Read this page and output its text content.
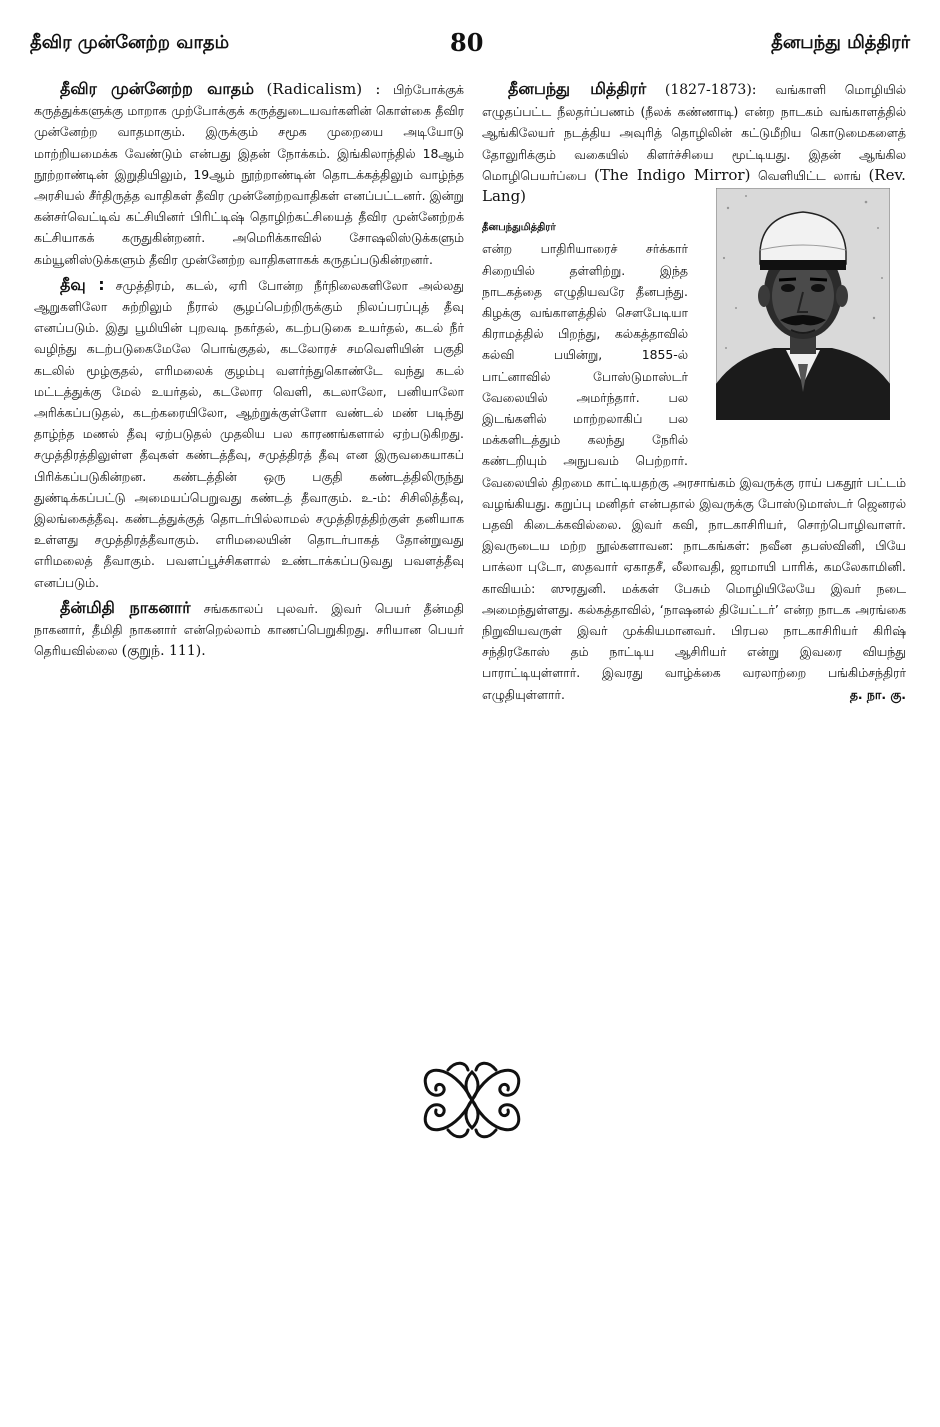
தீவிர முன்னேற்ற வாதம்	80	தீனபந்து மித்திரர்

தீவிர முன்னேற்ற வாதம் (Radicalism) : பிற்போக்குக் கருத்துக்களுக்கு மாறாக முற்போக்குக் கருத்துடையவர்களின் கொள்கை தீவிர முன்னேற்ற வாதமாகும். இருக்கும் சமூக முறையை அடியோடு மாற்றியமைக்க வேண்டும் என்பது இதன் நோக்கம். இங்கிலாந்தில் 18ஆம் நூற்றாண்டின் இறுதியிலும், 19ஆம் நூற்றாண்டின் தொடக்கத்திலும் வாழ்ந்த அரசியல் சீர்திருத்த வாதிகள் தீவிர முன்னேற்றவாதிகள் எனப்பட்டனர். இன்று கன்சர்வெட்டிவ் கட்சியினர் பிரிட்டிஷ் தொழிற்கட்சியைத் தீவிர முன்னேற்றக் கட்சியாகக் கருதுகின்றனர். அமெரிக்காவில் சோஷலிஸ்டுக்களும் கம்யூனிஸ்டுக்களும் தீவிர முன்னேற்ற வாதிகளாகக் கருதப்படுகின்றனர்.

தீவு : சமுத்திரம், கடல், ஏரி போன்ற நீர்நிலைகளிலோ அல்லது ஆறுகளிலோ சுற்றிலும் நீரால் சூழப்பெற்றிருக்கும் நிலப்பரப்புத் தீவு எனப்படும். இது பூமியின் புறவடி நகர்தல், கடற்படுகை உயர்தல், கடல் நீர் வழிந்து கடற்படுகைமேலே பொங்குதல், கடலோரச் சமவெளியின் பகுதி கடலில் மூழ்குதல், எரிமலைக் குழம்பு வளர்ந்துகொண்டே வந்து கடல் மட்டத்துக்கு மேல் உயர்தல், கடலோர வெளி, கடலாலோ, பனியாலோ அரிக்கப்படுதல், கடற்கரையிலோ, ஆற்றுக்குள்ளோ வண்டல் மண் படிந்து தாழ்ந்த மணல் தீவு ஏற்படுதல் முதலிய பல காரணங்களால் ஏற்படுகிறது. சமுத்திரத்திலுள்ள தீவுகள் கண்டத்தீவு, சமுத்திரத் தீவு என இருவகையாகப் பிரிக்கப்படுகின்றன. கண்டத்தின் ஒரு பகுதி கண்டத்திலிருந்து துண்டிக்கப்பட்டு அமையப்பெறுவது கண்டத் தீவாகும். உ-ம்: சிசிலித்தீவு, இலங்கைத்தீவு. கண்டத்துக்குத் தொடர்பில்லாமல் சமுத்திரத்திற்குள் தனியாக உள்ளது சமுத்திரத்தீவாகும். எரிமலையின் தொடர்பாகத் தோன்றுவது எரிமலைத் தீவாகும். பவளப்பூச்சிகளால் உண்டாக்கப்படுவது பவளத்தீவு எனப்படும்.

தீன்மிதி நாகனார் சங்ககாலப் புலவர். இவர் பெயர் தீன்மதி நாகனார், தீமிதி நாகனார் என்றெல்லாம் காணப்பெறுகிறது. சரியான பெயர் தெரியவில்லை (குறுந். 111).

தீனபந்து மித்திரர் (1827-1873): வங்காளி மொழியில் எழுதப்பட்ட நீலதர்ப்பணம் (நீலக் கண்ணாடி) என்ற நாடகம் வங்காளத்தில் ஆங்கிலேயர் நடத்திய அவுரித் தொழிலின் கட்டுமீறிய கொடுமைகளைத் தோலுரிக்கும் வகையில் கிளர்ச்சியை மூட்டியது. இதன் ஆங்கில மொழிபெயர்ப்பை (The Indigo Mirror) வெளியிட்ட லாங் (Rev. Lang)

தீனபந்துமித்திரர்
என்ற பாதிரியாரைச் சர்க்கார் சிறையில் தள்ளிற்று. இந்த நாடகத்தை எழுதியவரே தீனபந்து. கிழக்கு வங்காளத்தில் சௌபேடியா கிராமத்தில் பிறந்து, கல்கத்தாவில் கல்வி பயின்று, 1855-ல் பாட்னாவில் போஸ்டுமாஸ்டர் வேலையில் அமர்ந்தார். பல இடங்களில் மாற்றலாகிப் பல மக்களிடத்தும் கலந்து நேரில் கண்டறியும் அநுபவம் பெற்றார். வேலையில் திறமை காட்டியதற்கு அரசாங்கம் இவருக்கு ராய் பகதூர் பட்டம் வழங்கியது. கறுப்பு மனிதர் என்பதால் இவருக்கு போஸ்டுமாஸ்டர் ஜெனரல் பதவி கிடைக்கவில்லை. இவர் கவி, நாடகாசிரியர், சொற்பொழிவாளர். இவருடைய மற்ற நூல்களாவன: நாடகங்கள்: நவீன தபஸ்வினி, பியே பாக்லா புடோ, ஸதவார் ஏகாதசீ, லீலாவதி, ஜாமாயி பாரிக், கமலேகாமினி. காவியம்: ஸுரதுனி. மக்கள் பேசும் மொழியிலேயே இவர் நடை அமைந்துள்ளது. கல்கத்தாவில், ‘நாஷனல் தியேட்டர்’ என்ற நாடக அரங்கை நிறுவியவருள் இவர் முக்கியமானவர். பிரபல நாடகாசிரியர் கிரிஷ் சந்திரகோஸ் தம் நாட்டிய ஆசிரியர் என்று இவரை வியந்து பாராட்டியுள்ளார். இவரது வாழ்க்கை வரலாற்றை பங்கிம்சந்திரர் எழுதியுள்ளார்.	த. நா. கு.
